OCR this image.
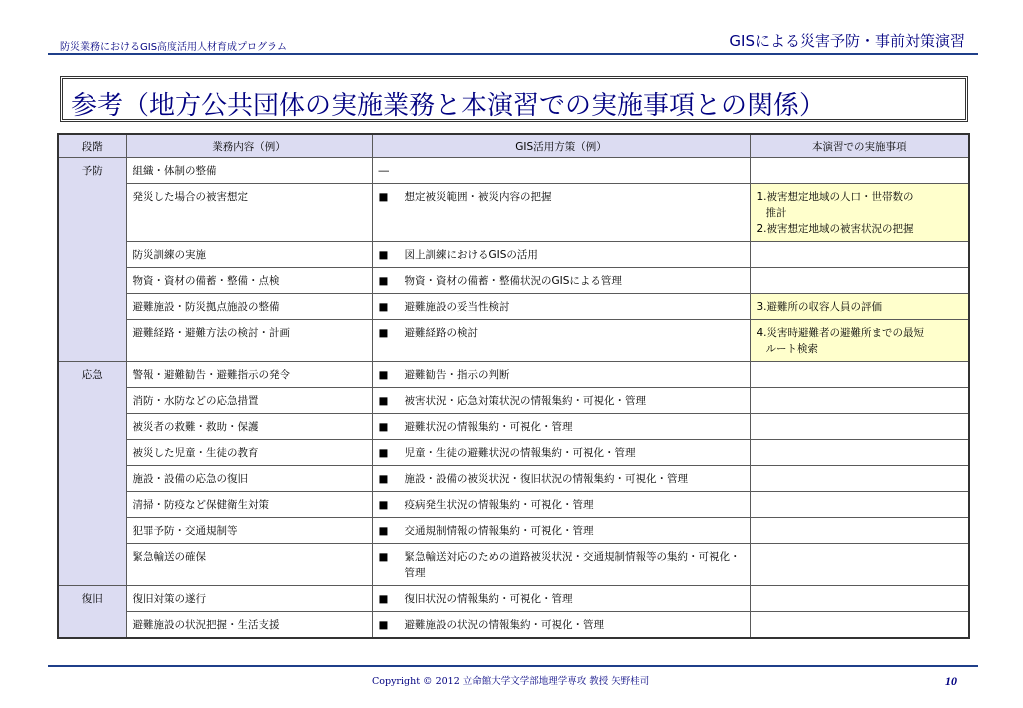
防災業務におけるGIS高度活用人材育成プログラム	GISによる災害予防・事前対策演習
参考（地方公共団体の実施業務と本演習での実施事項との関係）
段階	業務内容（例）	GIS活用方策（例）	本演習での実施事項
予防	組織・体制の整備	―	
	発災した場合の被害想定	■ 想定被災範囲・被災内容の把握	1.被害想定地域の人口・世帯数の
推計
2.被害想定地域の被害状況の把握

	防災訓練の実施	■ 図上訓練におけるGISの活用	

	物資・資材の備蓄・整備・点検	■ 物資・資材の備蓄・整備状況のGISによる管理	

	避難施設・防災拠点施設の整備	■ 避難施設の妥当性検討	3.避難所の収容人員の評価

	避難経路・避難方法の検討・計画	■ 避難経路の検討	4.災害時避難者の避難所までの最短
ルート検索

応急	警報・避難勧告・避難指示の発令	■ 避難勧告・指示の判断	

	消防・水防などの応急措置	■ 被害状況・応急対策状況の情報集約・可視化・管理	

	被災者の救難・救助・保護	■ 避難状況の情報集約・可視化・管理	

	被災した児童・生徒の教育	■ 児童・生徒の避難状況の情報集約・可視化・管理	

	施設・設備の応急の復旧	■ 施設・設備の被災状況・復旧状況の情報集約・可視化・管理	

	清掃・防疫など保健衛生対策	■ 疫病発生状況の情報集約・可視化・管理	

	犯罪予防・交通規制等	■ 交通規制情報の情報集約・可視化・管理	

	緊急輸送の確保	■ 緊急輸送対応のための道路被災状況・交通規制情報等の集約・可視化・管理	

復旧	復旧対策の遂行	■ 復旧状況の情報集約・可視化・管理	

	避難施設の状況把握・生活支援	■ 避難施設の状況の情報集約・可視化・管理	

Copyright © 2012 立命館大学文学部地理学専攻 教授 矢野桂司	10
